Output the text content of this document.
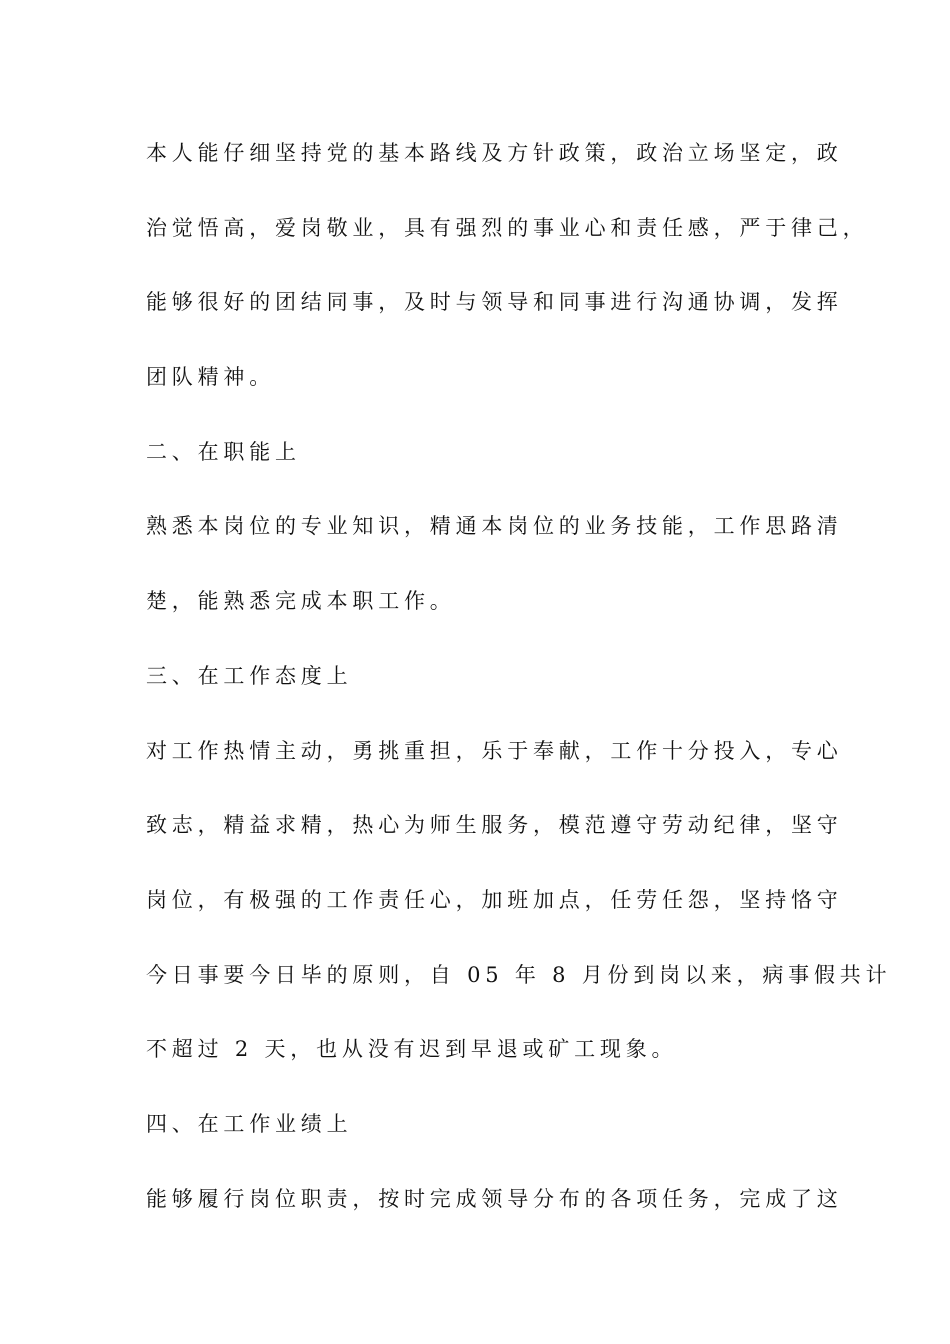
本人能仔细坚持党的基本路线及方针政策，政治立场坚定，政
治觉悟高，爱岗敬业，具有强烈的事业心和责任感，严于律己，
能够很好的团结同事，及时与领导和同事进行沟通协调，发挥
团队精神。
二、在职能上
熟悉本岗位的专业知识，精通本岗位的业务技能，工作思路清
楚，能熟悉完成本职工作。
三、在工作态度上
对工作热情主动，勇挑重担，乐于奉献，工作十分投入，专心
致志，精益求精，热心为师生服务，模范遵守劳动纪律，坚守
岗位，有极强的工作责任心，加班加点，任劳任怨，坚持恪守
今日事要今日毕的原则，自 05 年 8 月份到岗以来，病事假共计
不超过 2 天，也从没有迟到早退或矿工现象。
四、在工作业绩上
能够履行岗位职责，按时完成领导分布的各项任务，完成了这
